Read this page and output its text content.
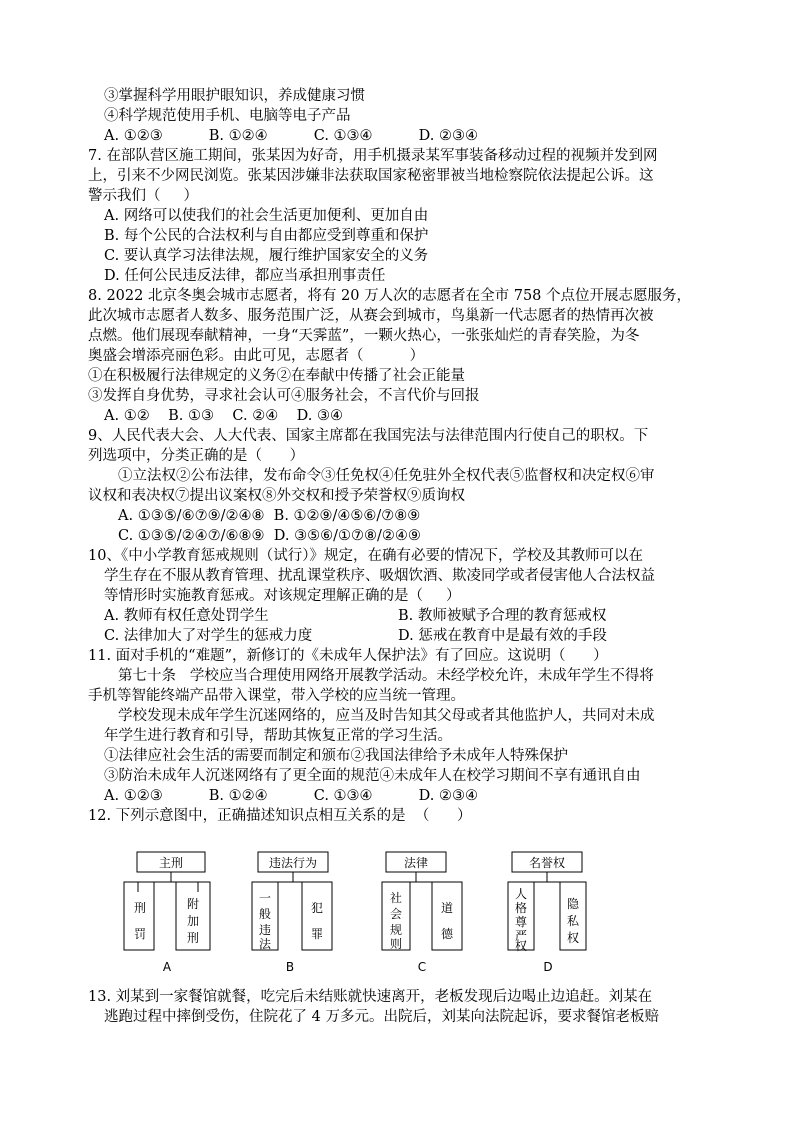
③掌握科学用眼护眼知识，养成健康习惯
④科学规范使用手机、电脑等电子产品
A. ①②③          B. ①②④          C. ①③④          D. ②③④
7. 在部队营区施工期间，张某因为好奇，用手机摄录某军事装备移动过程的视频并发到网
上，引来不少网民浏览。张某因涉嫌非法获取国家秘密罪被当地检察院依法提起公诉。这
警示我们（     ）
A. 网络可以使我们的社会生活更加便利、更加自由
B. 每个公民的合法权利与自由都应受到尊重和保护
C. 要认真学习法律法规，履行维护国家安全的义务
D. 任何公民违反法律，都应当承担刑事责任
8. 2022 北京冬奥会城市志愿者，将有 20 万人次的志愿者在全市 758 个点位开展志愿服务，
此次城市志愿者人数多、服务范围广泛，从赛会到城市，鸟巢新一代志愿者的热情再次被
点燃。他们展现奉献精神，一身“天霁蓝”，一颗火热心，一张张灿烂的青春笑脸，为冬
奥盛会增添亮丽色彩。由此可见，志愿者（          ）
①在积极履行法律规定的义务②在奉献中传播了社会正能量
③发挥自身优势，寻求社会认可④服务社会，不言代价与回报
A. ①②    B. ①③    C. ②④    D. ③④
9、人民代表大会、人大代表、国家主席都在我国宪法与法律范围内行使自己的职权。下
列选项中，分类正确的是（      ）
①立法权②公布法律，发布命令③任免权④任免驻外全权代表⑤监督权和决定权⑥审
议权和表决权⑦提出议案权⑧外交权和授予荣誉权⑨质询权
A. ①③⑤/⑥⑦⑨/②④⑧  B. ①②⑨/④⑤⑥/⑦⑧⑨
C. ①③⑤/②④⑦/⑥⑧⑨  D. ③⑤⑥/①⑦⑧/②④⑨
10、《中小学教育惩戒规则（试行）》规定，在确有必要的情况下，学校及其教师可以在
学生存在不服从教育管理、扰乱课堂秩序、吸烟饮酒、欺凌同学或者侵害他人合法权益
等情形时实施教育惩戒。对该规定理解正确的是（     ）
A. 教师有权任意处罚学生	B. 教师被赋予合理的教育惩戒权
C. 法律加大了对学生的惩戒力度	D. 惩戒在教育中是最有效的手段
11. 面对手机的“难题”，新修订的《未成年人保护法》有了回应。这说明（      ）
第七十条   学校应当合理使用网络开展教学活动。未经学校允许，未成年学生不得将
手机等智能终端产品带入课堂，带入学校的应当统一管理。
学校发现未成年学生沉迷网络的，应当及时告知其父母或者其他监护人，共同对未成
年学生进行教育和引导，帮助其恢复正常的学习生活。
①法律应社会生活的需要而制定和颁布②我国法律给予未成年人特殊保护
③防治未成年人沉迷网络有了更全面的规范④未成年人在校学习期间不享有通讯自由
A. ①②③          B. ①②④          C. ①③④          D. ②③④
12. 下列示意图中，正确描述知识点相互关系的是  （      ）
主刑
刑
罚
附
加
刑
A
违法行为
一
般
违
法
犯
罪
B
法律
社
会
规
则
道
德
C
名誉权
人
格
尊
严
权
隐
私
权
D
13. 刘某到一家餐馆就餐，吃完后未结账就快速离开，老板发现后边喝止边追赶。刘某在
逃跑过程中摔倒受伤，住院花了 4 万多元。出院后，刘某向法院起诉，要求餐馆老板赔
